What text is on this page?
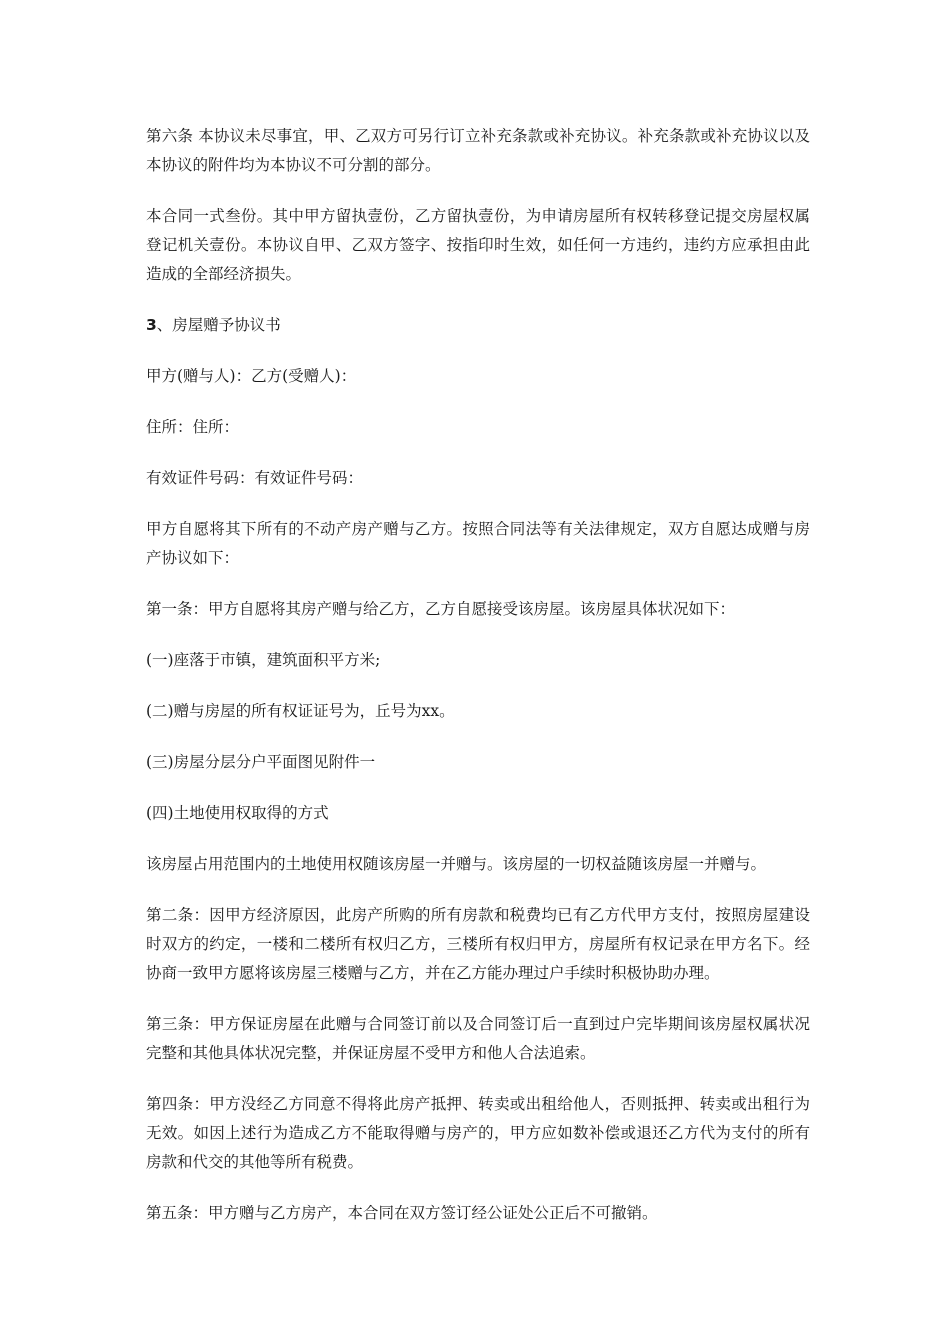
第六条 本协议未尽事宜，甲、乙双方可另行订立补充条款或补充协议。补充条款或补充协议以及本协议的附件均为本协议不可分割的部分。

本合同一式叁份。其中甲方留执壹份，乙方留执壹份，为申请房屋所有权转移登记提交房屋权属登记机关壹份。本协议自甲、乙双方签字、按指印时生效，如任何一方违约，违约方应承担由此造成的全部经济损失。

3、房屋赠予协议书

甲方(赠与人)：乙方(受赠人)：

住所：住所：

有效证件号码：有效证件号码：

甲方自愿将其下所有的不动产房产赠与乙方。按照合同法等有关法律规定，双方自愿达成赠与房产协议如下：

第一条：甲方自愿将其房产赠与给乙方，乙方自愿接受该房屋。该房屋具体状况如下：

(一)座落于市镇，建筑面积平方米;

(二)赠与房屋的所有权证证号为，丘号为xx。

(三)房屋分层分户平面图见附件一

(四)土地使用权取得的方式

该房屋占用范围内的土地使用权随该房屋一并赠与。该房屋的一切权益随该房屋一并赠与。

第二条：因甲方经济原因，此房产所购的所有房款和税费均已有乙方代甲方支付，按照房屋建设时双方的约定，一楼和二楼所有权归乙方，三楼所有权归甲方，房屋所有权记录在甲方名下。经协商一致甲方愿将该房屋三楼赠与乙方，并在乙方能办理过户手续时积极协助办理。

第三条：甲方保证房屋在此赠与合同签订前以及合同签订后一直到过户完毕期间该房屋权属状况完整和其他具体状况完整，并保证房屋不受甲方和他人合法追索。

第四条：甲方没经乙方同意不得将此房产抵押、转卖或出租给他人，否则抵押、转卖或出租行为无效。如因上述行为造成乙方不能取得赠与房产的，甲方应如数补偿或退还乙方代为支付的所有房款和代交的其他等所有税费。

第五条：甲方赠与乙方房产，本合同在双方签订经公证处公正后不可撤销。
